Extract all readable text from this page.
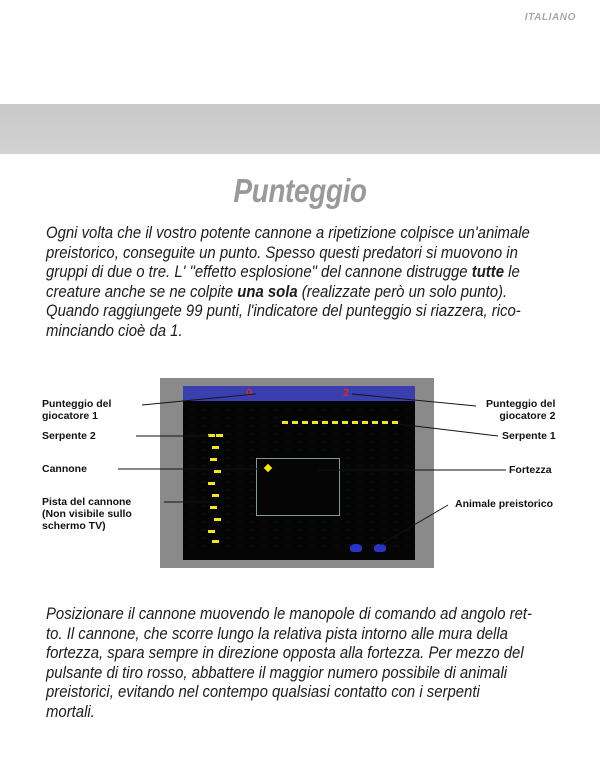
ITALIANO
Punteggio
Ogni volta che il vostro potente cannone a ripetizione colpisce un'animale
preistorico, conseguite un punto. Spesso questi predatori si muovono in
gruppi di due o tre. L' "effetto esplosione" del cannone distrugge tutte le
creature anche se ne colpite una sola (realizzate però un solo punto).
Quando raggiungete 99 punti, l'indicatore del punteggio si riazzera, rico-
minciando cioè da 1.
0	2
Punteggio del
giocatore 1
Serpente 2
Cannone
Pista del cannone
(Non visibile sullo
schermo TV)
Punteggio del
giocatore 2
Serpente 1
Fortezza
Animale preistorico
Posizionare il cannone muovendo le manopole di comando ad angolo ret-
to. Il cannone, che scorre lungo la relativa pista intorno alle mura della
fortezza, spara sempre in direzione opposta alla fortezza. Per mezzo del
pulsante di tiro rosso, abbattere il maggior numero possibile di animali
preistorici, evitando nel contempo qualsiasi contatto con i serpenti
mortali.
